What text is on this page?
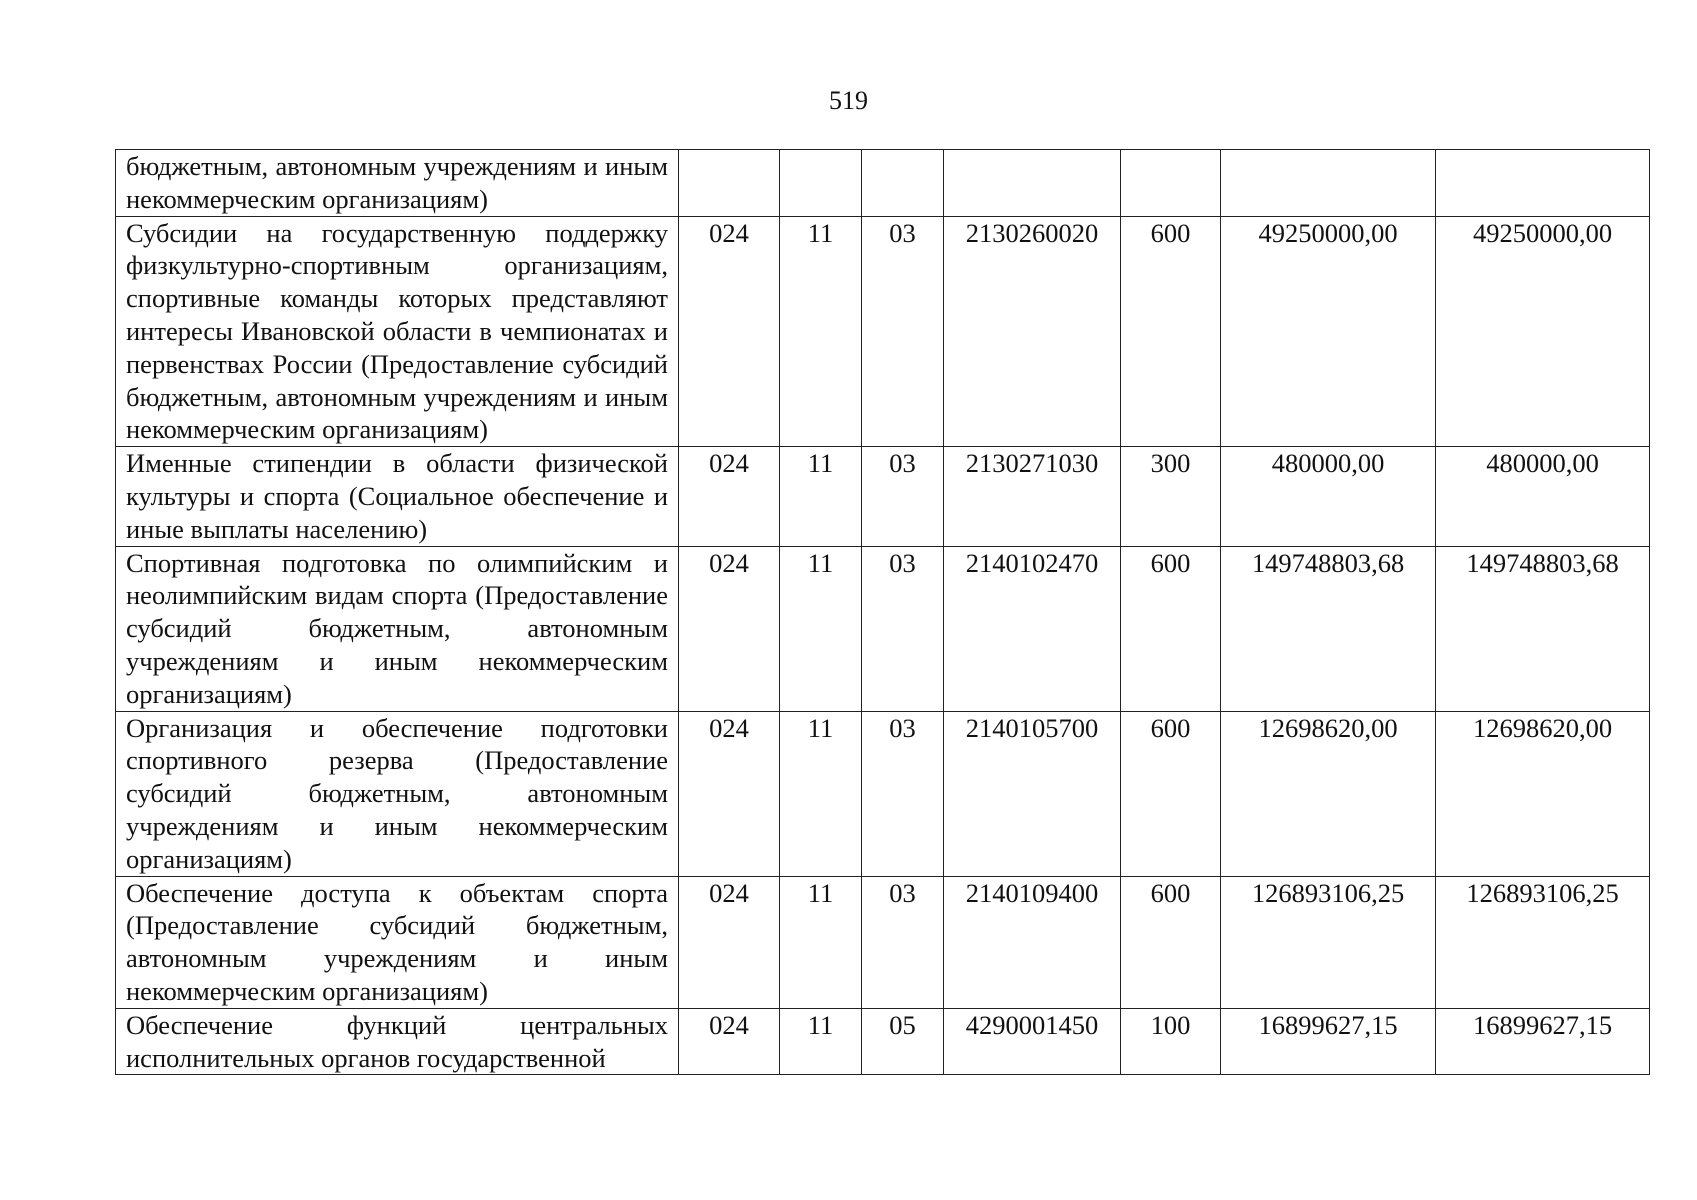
519
бюджетным, автономным учреждениям и иным некоммерческим организациям)							
Субсидии на государственную поддержку физкультурно-спортивным организациям, спортивные команды которых представляют интересы Ивановской области в чемпионатах и первенствах России (Предоставление субсидий бюджетным, автономным учреждениям и иным некоммерческим организациям)	024	11	03	2130260020	600	49250000,00	49250000,00
Именные стипендии в области физической культуры и спорта (Социальное обеспечение и иные выплаты населению)	024	11	03	2130271030	300	480000,00	480000,00
Спортивная подготовка по олимпийским и неолимпийским видам спорта (Предоставление субсидий бюджетным, автономным учреждениям и иным некоммерческим организациям)	024	11	03	2140102470	600	149748803,68	149748803,68
Организация и обеспечение подготовки спортивного резерва (Предоставление субсидий бюджетным, автономным учреждениям и иным некоммерческим организациям)	024	11	03	2140105700	600	12698620,00	12698620,00
Обеспечение доступа к объектам спорта (Предоставление субсидий бюджетным, автономным учреждениям и иным некоммерческим организациям)	024	11	03	2140109400	600	126893106,25	126893106,25
Обеспечение функций центральных исполнительных органов государственной	024	11	05	4290001450	100	16899627,15	16899627,15
